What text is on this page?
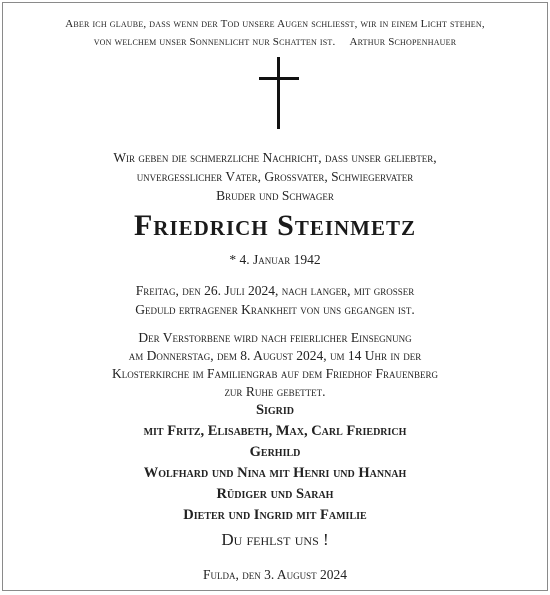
Aber ich glaube, dass wenn der Tod unsere Augen schließt, wir in einem Licht stehen,
von welchem unser Sonnenlicht nur Schatten ist. Arthur Schopenhauer
Wir geben die schmerzliche Nachricht, dass unser geliebter,
unvergesslicher Vater, Großvater, Schwiegervater
Bruder und Schwager
Friedrich Steinmetz
* 4. Januar 1942
Freitag, den 26. Juli 2024, nach langer, mit großer
Geduld ertragener Krankheit von uns gegangen ist.
Der Verstorbene wird nach feierlicher Einsegnung
am Donnerstag, dem 8. August 2024, um 14 Uhr in der
Klosterkirche im Familiengrab auf dem Friedhof Frauenberg
zur Ruhe gebettet.
Sigrid
mit Fritz, Elisabeth, Max, Carl Friedrich
Gerhild
Wolfhard und Nina mit Henri und Hannah
Rüdiger und Sarah
Dieter und Ingrid mit Familie
Du fehlst uns !
Fulda, den 3. August 2024
